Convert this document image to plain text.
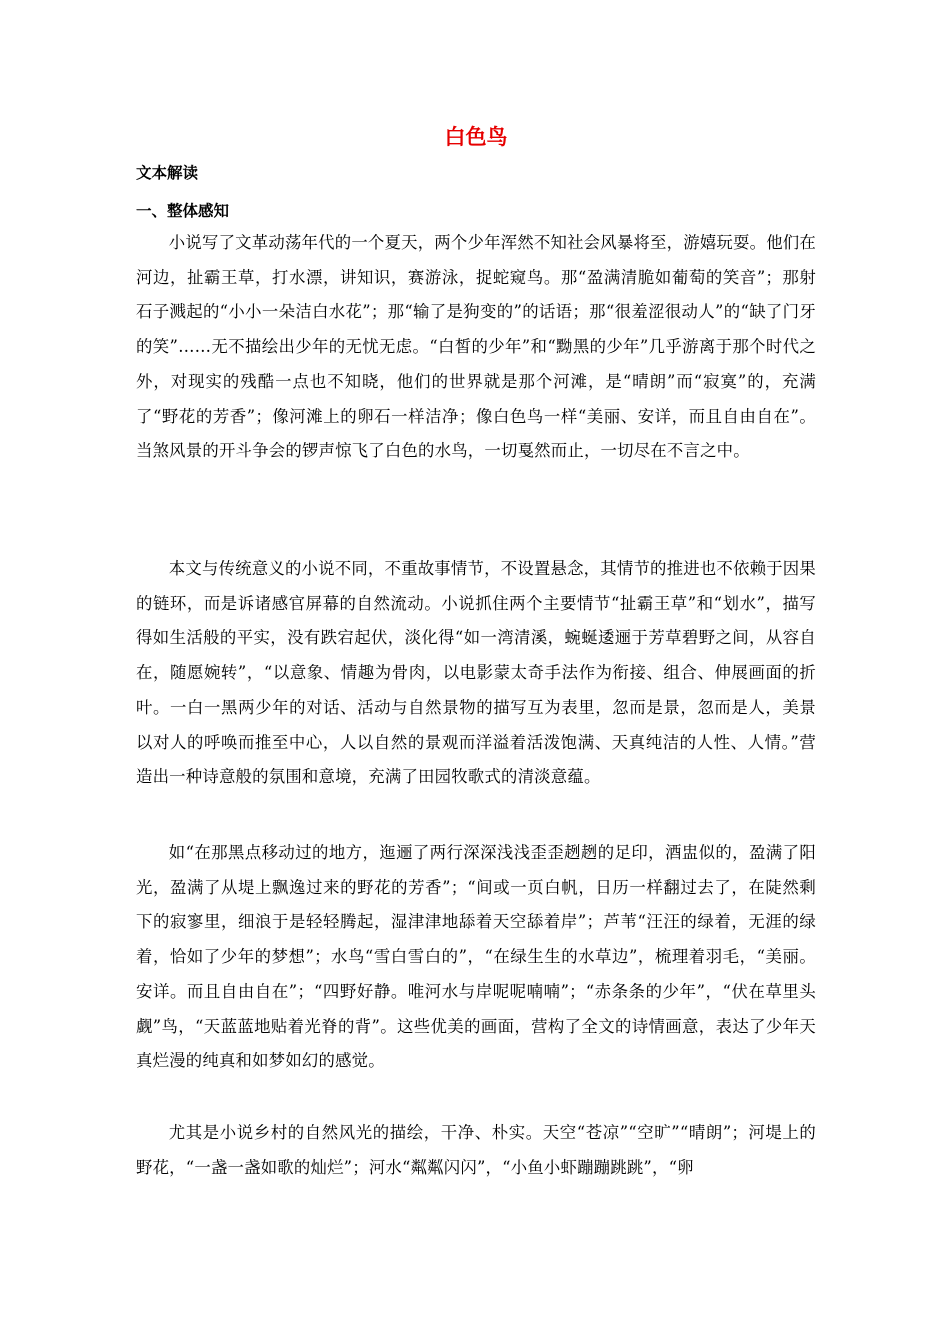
白色鸟
文本解读
一、整体感知

小说写了文革动荡年代的一个夏天，两个少年浑然不知社会风暴将至，游嬉玩耍。他们在河边，扯霸王草，打水漂，讲知识，赛游泳，捉蛇窥鸟。那“盈满清脆如葡萄的笑音”；那射石子溅起的“小小一朵洁白水花”；那“输了是狗变的”的话语；那“很羞涩很动人”的“缺了门牙的笑”……无不描绘出少年的无忧无虑。“白皙的少年”和“黝黑的少年”几乎游离于那个时代之外，对现实的残酷一点也不知晓，他们的世界就是那个河滩，是“晴朗”而“寂寞”的，充满了“野花的芳香”；像河滩上的卵石一样洁净；像白色鸟一样“美丽、安详，而且自由自在”。当煞风景的开斗争会的锣声惊飞了白色的水鸟，一切戛然而止，一切尽在不言之中。

本文与传统意义的小说不同，不重故事情节，不设置悬念，其情节的推进也不依赖于因果的链环，而是诉诸感官屏幕的自然流动。小说抓住两个主要情节“扯霸王草”和“划水”，描写得如生活般的平实，没有跌宕起伏，淡化得“如一湾清溪，蜿蜒逶逦于芳草碧野之间，从容自在，随愿婉转”，“以意象、情趣为骨肉，以电影蒙太奇手法作为衔接、组合、伸展画面的折叶。一白一黑两少年的对话、活动与自然景物的描写互为表里，忽而是景，忽而是人，美景以对人的呼唤而推至中心，人以自然的景观而洋溢着活泼饱满、天真纯洁的人性、人情。”营造出一种诗意般的氛围和意境，充满了田园牧歌式的清淡意蕴。

如“在那黑点移动过的地方，迤逦了两行深深浅浅歪歪趔趔的足印，酒盅似的，盈满了阳光，盈满了从堤上飘逸过来的野花的芳香”；“间或一页白帆，日历一样翻过去了，在陡然剩下的寂寥里，细浪于是轻轻腾起，湿津津地舔着天空舔着岸”；芦苇“汪汪的绿着，无涯的绿着，恰如了少年的梦想”；水鸟“雪白雪白的”，“在绿生生的水草边”，梳理着羽毛，“美丽。安详。而且自由自在”；“四野好静。唯河水与岸呢呢喃喃”；“赤条条的少年”，“伏在草里头觑”鸟，“天蓝蓝地贴着光脊的背”。这些优美的画面，营构了全文的诗情画意，表达了少年天真烂漫的纯真和如梦如幻的感觉。

尤其是小说乡村的自然风光的描绘，干净、朴实。天空“苍凉”“空旷”“晴朗”；河堤上的野花，“一盏一盏如歌的灿烂”；河水“粼粼闪闪”，“小鱼小虾蹦蹦跳跳”，“卵
